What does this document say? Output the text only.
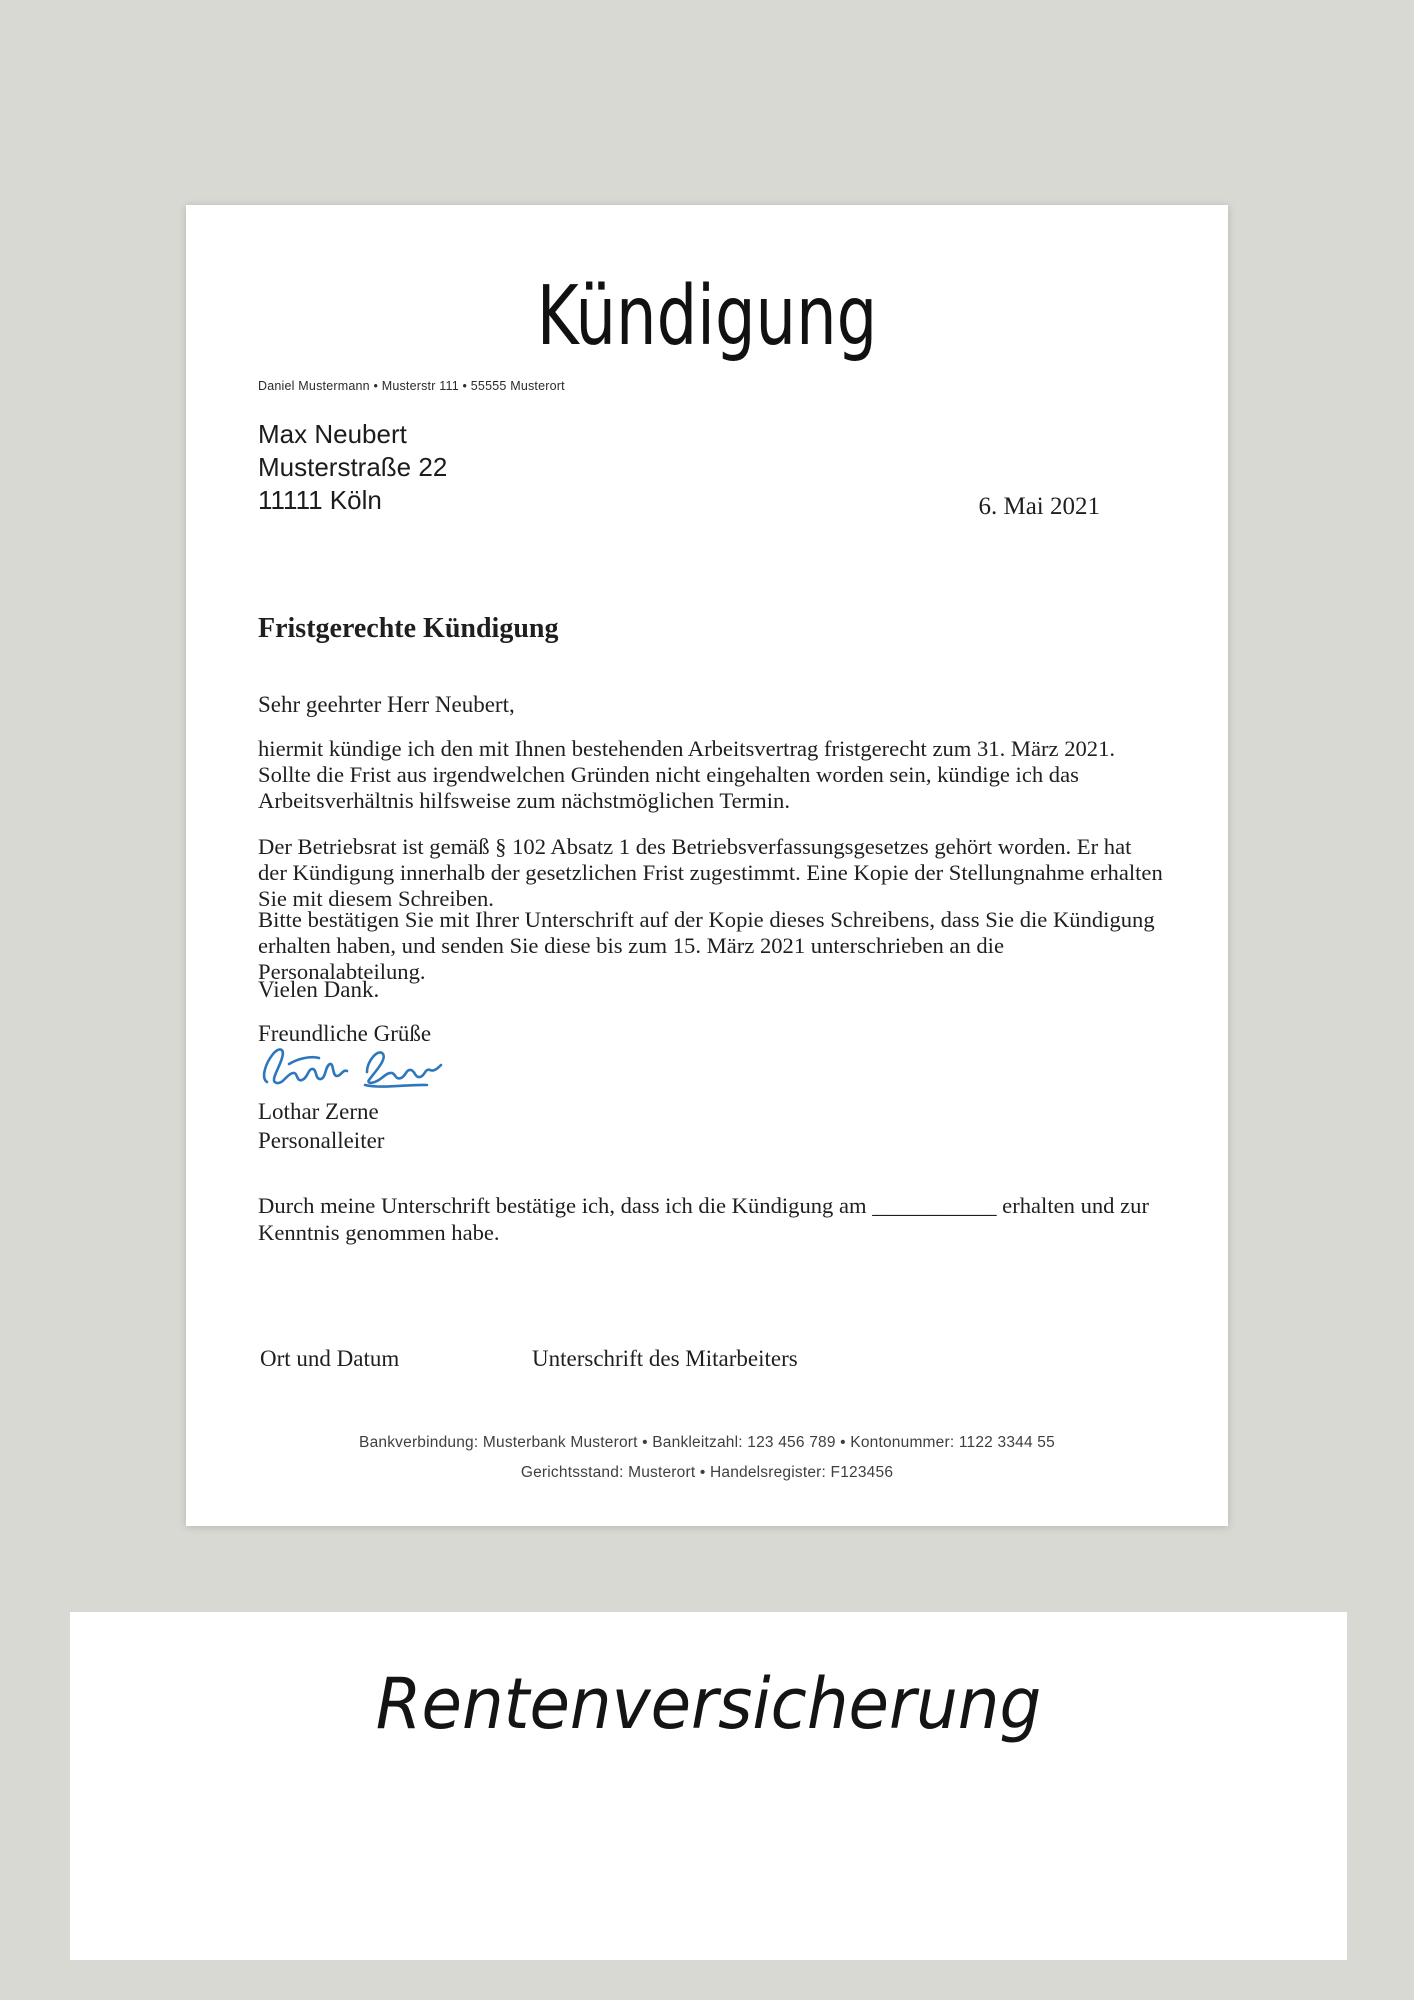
Kündigung
Daniel Mustermann • Musterstr 111 • 55555 Musterort
Max Neubert
Musterstraße 22
11111 Köln	6. Mai 2021
Fristgerechte Kündigung
Sehr geehrter Herr Neubert,
hiermit kündige ich den mit Ihnen bestehenden Arbeitsvertrag fristgerecht zum 31. März 2021. Sollte die Frist aus irgendwelchen Gründen nicht eingehalten worden sein, kündige ich das Arbeitsverhältnis hilfsweise zum nächstmöglichen Termin.
Der Betriebsrat ist gemäß § 102 Absatz 1 des Betriebsverfassungsgesetzes gehört worden. Er hat der Kündigung innerhalb der gesetzlichen Frist zugestimmt. Eine Kopie der Stellungnahme erhalten Sie mit diesem Schreiben.
Bitte bestätigen Sie mit Ihrer Unterschrift auf der Kopie dieses Schreibens, dass Sie die Kündigung erhalten haben, und senden Sie diese bis zum 15. März 2021 unterschrieben an die Personalabteilung.
Vielen Dank.
Freundliche Grüße
Lothar Zerne
Personalleiter
Durch meine Unterschrift bestätige ich, dass ich die Kündigung am ___________ erhalten und zur Kenntnis genommen habe.
Ort und Datum	Unterschrift des Mitarbeiters
Bankverbindung: Musterbank Musterort • Bankleitzahl: 123 456 789 • Kontonummer: 1122 3344 55
Gerichtsstand: Musterort • Handelsregister: F123456
Rentenversicherung
